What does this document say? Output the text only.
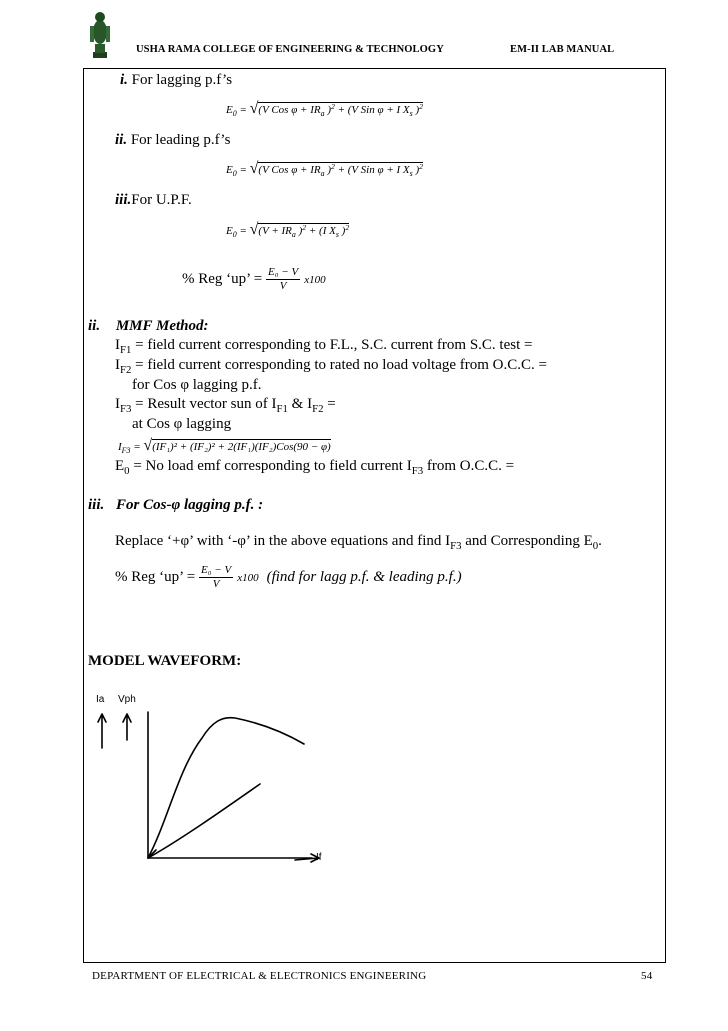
USHA RAMA COLLEGE OF ENGINEERING & TECHNOLOGY	EM-II LAB MANUAL
i. For lagging p.f’s
$E_0 = √(V$ Cos $\varphi + IR_a$ )$^2$ + (V Sin φ + I $X_s$ )$^2$
ii. For leading p.f’s
$E_0 = √(V$ Cos $\varphi + IR_a$ )$^2$ + (V Sin φ + I $X_s$ )$^2$
iii.For U.P.F.
$E_0 = √(V + IR_a$ )$^2$ + (I $X_s$ )$^2$
% Reg ‘up’ = $\frac{\text{E₀ − V}}{V} x100$
ii. MMF Method:
$I_{F1}$ = field current corresponding to F.L., S.C. current from S.C. test =
$I_{F2}$ = field current corresponding to rated no load voltage from O.C.C. =
for Cos φ lagging p.f.
$I_{F3}$ = Result vector sun of $I_{F1}$ & $I_{F2}$ =
at Cos φ lagging
$I_{F3} = √(IF_1)^2 + (IF_2)^2 + 2(IF_1)(IF_2)Cos(90 - \varphi)$
$E_0 = No$ load emf corresponding to field current $I_{F3}$ from O.C.C. =
iii. For Cos-φ lagging p.f. :
Replace ‘+φ’ with ‘-φ’ in the above equations and find $I_{F3}$ and Corresponding $E_0$.
% Reg ‘up’ = $\frac{\text{E₀ − V}}{V} x100$ (find for lagg p.f. & leading p.f.)
MODEL WAVEFORM:
Ia Vph
If
DEPARTMENT OF ELECTRICAL & ELECTRONICS ENGINEERING	54
